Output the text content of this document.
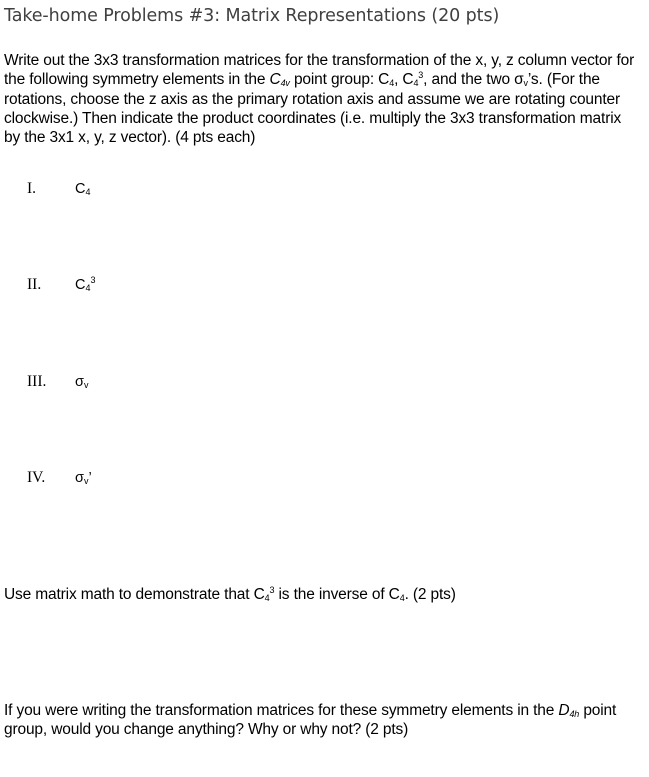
Take-home Problems #3: Matrix Representations (20 pts)
Write out the 3x3 transformation matrices for the transformation of the x, y, z column vector for the following symmetry elements in the $C_{4v}$ point group: $C_4$, $C_4^3$, and the two $\sigma_v’s$. (For the rotations, choose the z axis as the primary rotation axis and assume we are rotating counter clockwise.) Then indicate the product coordinates (i.e. multiply the 3x3 transformation matrix by the 3x1 x, y, z vector). (4 pts each)
I.	$C_4$
II.	$C_4^3$
III.	$\sigma_v$
IV.	$\sigma_v$’
Use matrix math to demonstrate that $C_4^3$ is the inverse of $C_4$. (2 pts)
If you were writing the transformation matrices for these symmetry elements in the $D_{4h}$ point group, would you change anything? Why or why not? (2 pts)
